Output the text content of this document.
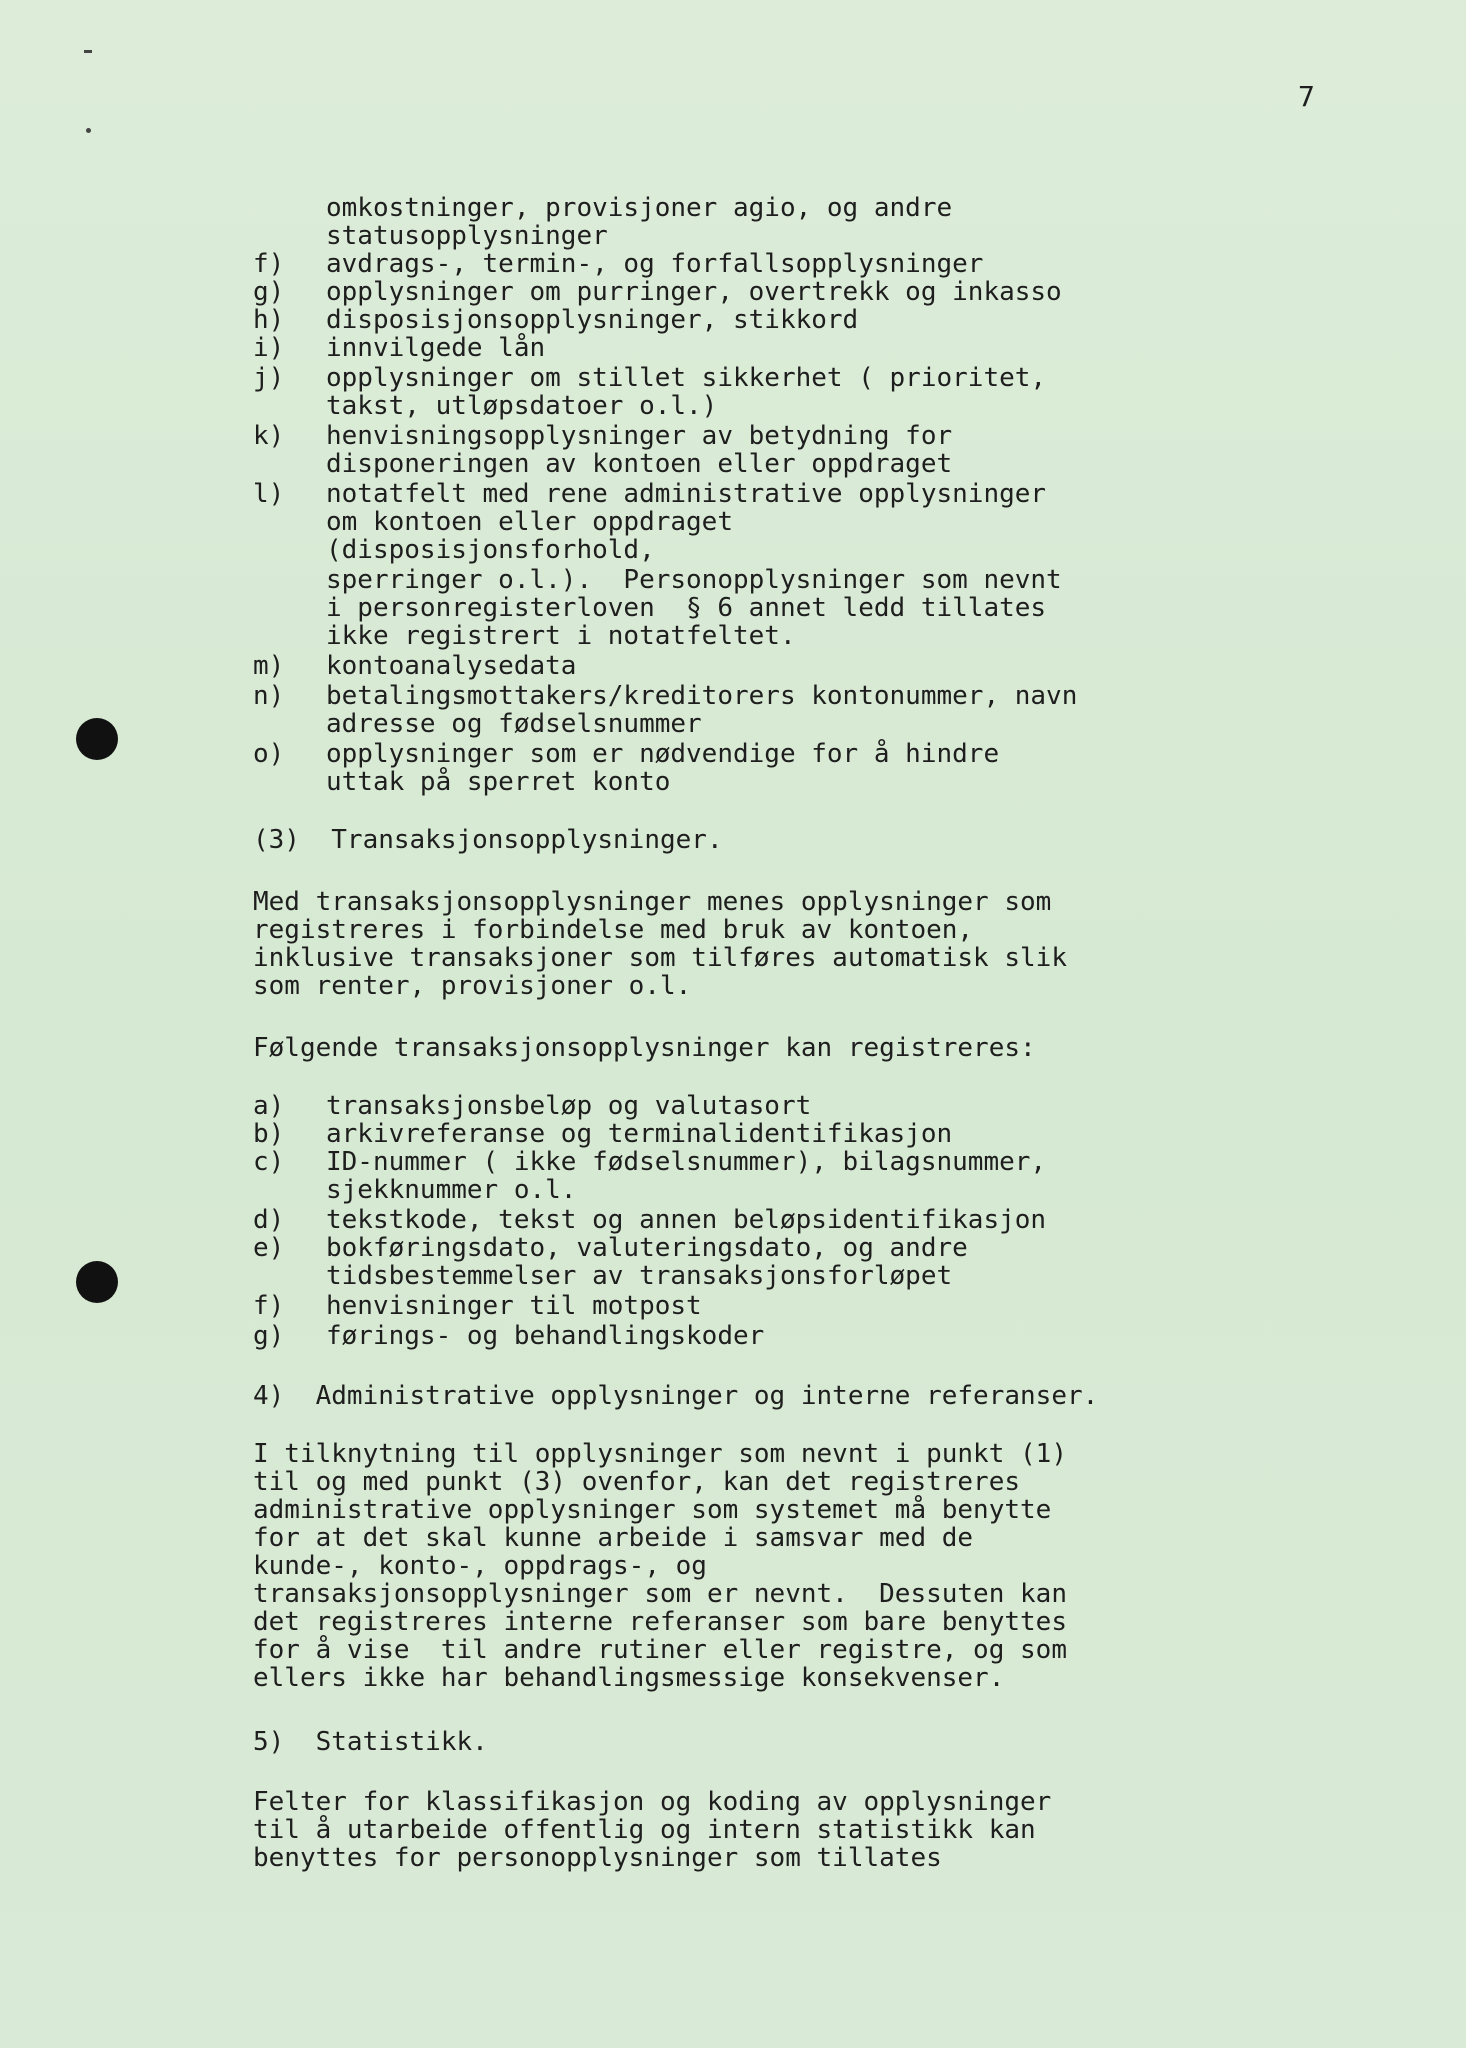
7
omkostninger, provisjoner agio, og andre
statusopplysninger
f) avdrags-, termin-, og forfallsopplysninger
g) opplysninger om purringer, overtrekk og inkasso
h) disposisjonsopplysninger, stikkord
i) innvilgede lån
j) opplysninger om stillet sikkerhet ( prioritet,
takst, utløpsdatoer o.l.)
k) henvisningsopplysninger av betydning for
disponeringen av kontoen eller oppdraget
l) notatfelt med rene administrative opplysninger
om kontoen eller oppdraget
(disposisjonsforhold,
sperringer o.l.).  Personopplysninger som nevnt
i personregisterloven  § 6 annet ledd tillates
ikke registrert i notatfeltet.
m) kontoanalysedata
n) betalingsmottakers/kreditorers kontonummer, navn
adresse og fødselsnummer
o) opplysninger som er nødvendige for å hindre
uttak på sperret konto
(3)  Transaksjonsopplysninger.
Med transaksjonsopplysninger menes opplysninger som
registreres i forbindelse med bruk av kontoen,
inklusive transaksjoner som tilføres automatisk slik
som renter, provisjoner o.l.
Følgende transaksjonsopplysninger kan registreres:
a) transaksjonsbeløp og valutasort
b) arkivreferanse og terminalidentifikasjon
c) ID-nummer ( ikke fødselsnummer), bilagsnummer,
sjekknummer o.l.
d) tekstkode, tekst og annen beløpsidentifikasjon
e) bokføringsdato, valuteringsdato, og andre
tidsbestemmelser av transaksjonsforløpet
f) henvisninger til motpost
g) førings- og behandlingskoder
4)  Administrative opplysninger og interne referanser.
I tilknytning til opplysninger som nevnt i punkt (1)
til og med punkt (3) ovenfor, kan det registreres
administrative opplysninger som systemet må benytte
for at det skal kunne arbeide i samsvar med de
kunde-, konto-, oppdrags-, og
transaksjonsopplysninger som er nevnt.  Dessuten kan
det registreres interne referanser som bare benyttes
for å vise  til andre rutiner eller registre, og som
ellers ikke har behandlingsmessige konsekvenser.
5)  Statistikk.
Felter for klassifikasjon og koding av opplysninger
til å utarbeide offentlig og intern statistikk kan
benyttes for personopplysninger som tillates
